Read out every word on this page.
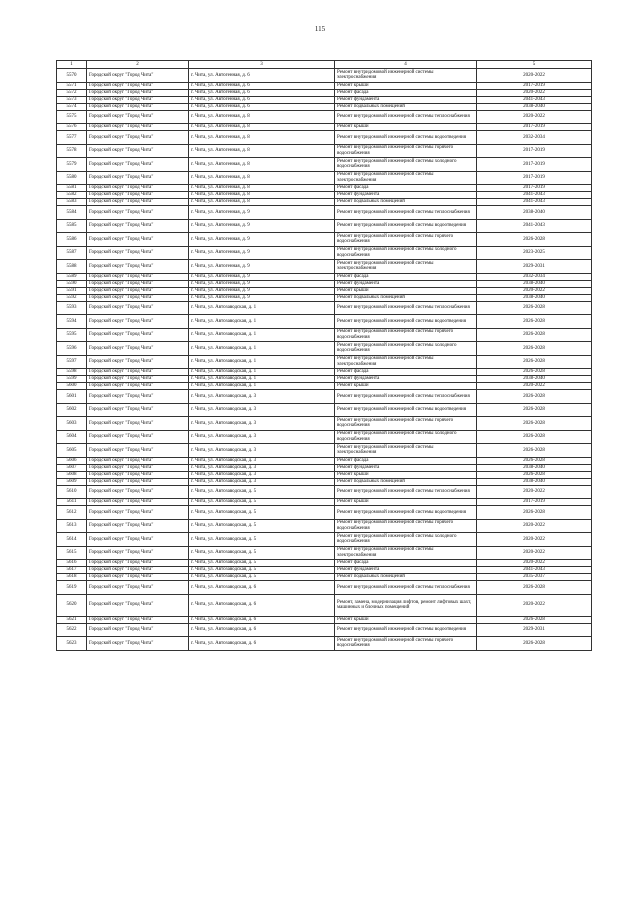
115
1	2	3	4	5
5570	Городской округ "Город Чита"	г. Чита, ул. Автогенная, д. 6	Ремонт внутридомовой инженерной системы электроснабжения	2020-2022
5571	Городской округ "Город Чита"	г. Чита, ул. Автогенная, д. 6	Ремонт крыши	2017-2019
5572	Городской округ "Город Чита"	г. Чита, ул. Автогенная, д. 6	Ремонт фасада	2020-2022
5573	Городской округ "Город Чита"	г. Чита, ул. Автогенная, д. 6	Ремонт фундамента	2041-2043
5574	Городской округ "Город Чита"	г. Чита, ул. Автогенная, д. 6	Ремонт подвальных помещений	2038-2040
5575	Городской округ "Город Чита"	г. Чита, ул. Автогенная, д. 8	Ремонт внутридомовой инженерной системы теплоснабжения	2020-2022
5576	Городской округ "Город Чита"	г. Чита, ул. Автогенная, д. 8	Ремонт крыши	2017-2019
5577	Городской округ "Город Чита"	г. Чита, ул. Автогенная, д. 8	Ремонт внутридомовой инженерной системы водоотведения	2032-2034
5578	Городской округ "Город Чита"	г. Чита, ул. Автогенная, д. 8	Ремонт внутридомовой инженерной системы горячего водоснабжения	2017-2019
5579	Городской округ "Город Чита"	г. Чита, ул. Автогенная, д. 8	Ремонт внутридомовой инженерной системы холодного водоснабжения	2017-2019
5580	Городской округ "Город Чита"	г. Чита, ул. Автогенная, д. 8	Ремонт внутридомовой инженерной системы электроснабжения	2017-2019
5581	Городской округ "Город Чита"	г. Чита, ул. Автогенная, д. 8	Ремонт фасада	2017-2019
5582	Городской округ "Город Чита"	г. Чита, ул. Автогенная, д. 8	Ремонт фундамента	2041-2043
5583	Городской округ "Город Чита"	г. Чита, ул. Автогенная, д. 8	Ремонт подвальных помещений	2041-2043
5584	Городской округ "Город Чита"	г. Чита, ул. Автогенная, д. 9	Ремонт внутридомовой инженерной системы теплоснабжения	2038-2040
5585	Городской округ "Город Чита"	г. Чита, ул. Автогенная, д. 9	Ремонт внутридомовой инженерной системы водоотведения	2041-2043
5586	Городской округ "Город Чита"	г. Чита, ул. Автогенная, д. 9	Ремонт внутридомовой инженерной системы горячего водоснабжения	2026-2028
5587	Городской округ "Город Чита"	г. Чита, ул. Автогенная, д. 9	Ремонт внутридомовой инженерной системы холодного водоснабжения	2023-2025
5588	Городской округ "Город Чита"	г. Чита, ул. Автогенная, д. 9	Ремонт внутридомовой инженерной системы электроснабжения	2029-2031
5589	Городской округ "Город Чита"	г. Чита, ул. Автогенная, д. 9	Ремонт фасада	2032-2034
5590	Городской округ "Город Чита"	г. Чита, ул. Автогенная, д. 9	Ремонт фундамента	2038-2040
5591	Городской округ "Город Чита"	г. Чита, ул. Автогенная, д. 9	Ремонт крыши	2020-2022
5592	Городской округ "Город Чита"	г. Чита, ул. Автогенная, д. 9	Ремонт подвальных помещений	2038-2040
5593	Городской округ "Город Чита"	г. Чита, ул. Автозаводская, д. 1	Ремонт внутридомовой инженерной системы теплоснабжения	2026-2028
5594	Городской округ "Город Чита"	г. Чита, ул. Автозаводская, д. 1	Ремонт внутридомовой инженерной системы водоотведения	2026-2028
5595	Городской округ "Город Чита"	г. Чита, ул. Автозаводская, д. 1	Ремонт внутридомовой инженерной системы горячего водоснабжения	2026-2028
5596	Городской округ "Город Чита"	г. Чита, ул. Автозаводская, д. 1	Ремонт внутридомовой инженерной системы холодного водоснабжения	2026-2028
5597	Городской округ "Город Чита"	г. Чита, ул. Автозаводская, д. 1	Ремонт внутридомовой инженерной системы электроснабжения	2026-2028
5598	Городской округ "Город Чита"	г. Чита, ул. Автозаводская, д. 1	Ремонт фасада	2026-2028
5599	Городской округ "Город Чита"	г. Чита, ул. Автозаводская, д. 1	Ремонт фундамента	2038-2040
5600	Городской округ "Город Чита"	г. Чита, ул. Автозаводская, д. 1	Ремонт крыши	2020-2022
5601	Городской округ "Город Чита"	г. Чита, ул. Автозаводская, д. 3	Ремонт внутридомовой инженерной системы теплоснабжения	2026-2028
5602	Городской округ "Город Чита"	г. Чита, ул. Автозаводская, д. 3	Ремонт внутридомовой инженерной системы водоотведения	2026-2028
5603	Городской округ "Город Чита"	г. Чита, ул. Автозаводская, д. 3	Ремонт внутридомовой инженерной системы горячего водоснабжения	2026-2028
5604	Городской округ "Город Чита"	г. Чита, ул. Автозаводская, д. 3	Ремонт внутридомовой инженерной системы холодного водоснабжения	2026-2028
5605	Городской округ "Город Чита"	г. Чита, ул. Автозаводская, д. 3	Ремонт внутридомовой инженерной системы электроснабжения	2026-2028
5606	Городской округ "Город Чита"	г. Чита, ул. Автозаводская, д. 3	Ремонт фасада	2026-2028
5607	Городской округ "Город Чита"	г. Чита, ул. Автозаводская, д. 3	Ремонт фундамента	2038-2040
5608	Городской округ "Город Чита"	г. Чита, ул. Автозаводская, д. 3	Ремонт крыши	2026-2028
5609	Городской округ "Город Чита"	г. Чита, ул. Автозаводская, д. 3	Ремонт подвальных помещений	2038-2040
5610	Городской округ "Город Чита"	г. Чита, ул. Автозаводская, д. 5	Ремонт внутридомовой инженерной системы теплоснабжения	2020-2022
5611	Городской округ "Город Чита"	г. Чита, ул. Автозаводская, д. 5	Ремонт крыши	2017-2019
5612	Городской округ "Город Чита"	г. Чита, ул. Автозаводская, д. 5	Ремонт внутридомовой инженерной системы водоотведения	2026-2028
5613	Городской округ "Город Чита"	г. Чита, ул. Автозаводская, д. 5	Ремонт внутридомовой инженерной системы горячего водоснабжения	2020-2022
5614	Городской округ "Город Чита"	г. Чита, ул. Автозаводская, д. 5	Ремонт внутридомовой инженерной системы холодного водоснабжения	2020-2022
5615	Городской округ "Город Чита"	г. Чита, ул. Автозаводская, д. 5	Ремонт внутридомовой инженерной системы электроснабжения	2020-2022
5616	Городской округ "Город Чита"	г. Чита, ул. Автозаводская, д. 5	Ремонт фасада	2020-2022
5617	Городской округ "Город Чита"	г. Чита, ул. Автозаводская, д. 5	Ремонт фундамента	2041-2043
5618	Городской округ "Город Чита"	г. Чита, ул. Автозаводская, д. 5	Ремонт подвальных помещений	2035-2037
5619	Городской округ "Город Чита"	г. Чита, ул. Автозаводская, д. 6	Ремонт внутридомовой инженерной системы теплоснабжения	2026-2028
5620	Городской округ "Город Чита"	г. Чита, ул. Автозаводская, д. 6	Ремонт, замена, модернизация лифтов, ремонт лифтовых шахт, машинных и блочных помещений	2020-2022
5621	Городской округ "Город Чита"	г. Чита, ул. Автозаводская, д. 6	Ремонт крыши	2026-2028
5622	Городской округ "Город Чита"	г. Чита, ул. Автозаводская, д. 6	Ремонт внутридомовой инженерной системы водоотведения	2029-2031
5623	Городской округ "Город Чита"	г. Чита, ул. Автозаводская, д. 6	Ремонт внутридомовой инженерной системы горячего водоснабжения	2026-2028
